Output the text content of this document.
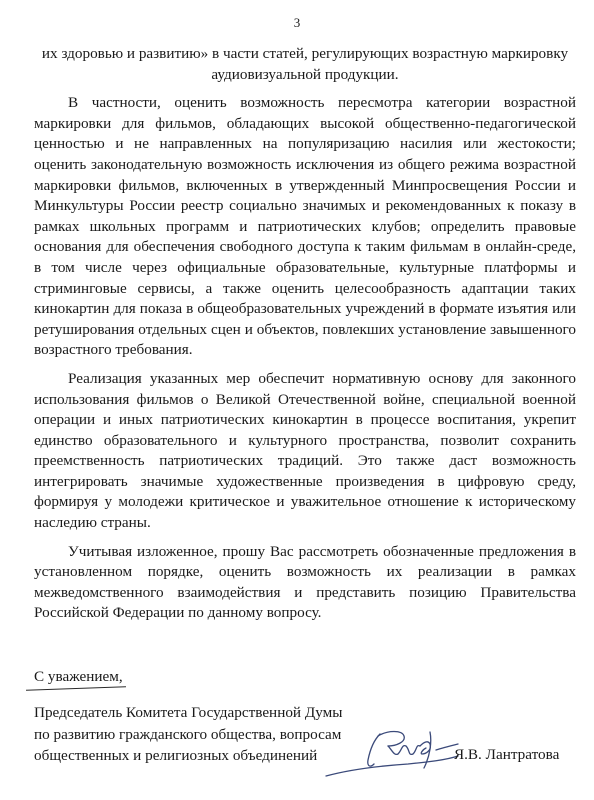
3

их здоровью и развитию» в части статей, регулирующих возрастную маркировку аудиовизуальной продукции.

В частности, оценить возможность пересмотра категории возрастной маркировки для фильмов, обладающих высокой общественно-педагогической ценностью и не направленных на популяризацию насилия или жестокости; оценить законодательную возможность исключения из общего режима возрастной маркировки фильмов, включенных в утвержденный Минпросвещения России и Минкультуры России реестр социально значимых и рекомендованных к показу в рамках школьных программ и патриотических клубов; определить правовые основания для обеспечения свободного доступа к таким фильмам в онлайн-среде, в том числе через официальные образовательные, культурные платформы и стриминговые сервисы, а также оценить целесообразность адаптации таких кинокартин для показа в общеобразовательных учреждений в формате изъятия или ретуширования отдельных сцен и объектов, повлекших установление завышенного возрастного требования.

Реализация указанных мер обеспечит нормативную основу для законного использования фильмов о Великой Отечественной войне, специальной военной операции и иных патриотических кинокартин в процессе воспитания, укрепит единство образовательного и культурного пространства, позволит сохранить преемственность патриотических традиций. Это также даст возможность интегрировать значимые художественные произведения в цифровую среду, формируя у молодежи критическое и уважительное отношение к историческому наследию страны.

Учитывая изложенное, прошу Вас рассмотреть обозначенные предложения в установленном порядке, оценить возможность их реализации в рамках межведомственного взаимодействия и представить позицию Правительства Российской Федерации по данному вопросу.

С уважением,
Председатель Комитета Государственной Думы
по развитию гражданского общества, вопросам
общественных и религиозных объединений	Я.В. Лантратова
